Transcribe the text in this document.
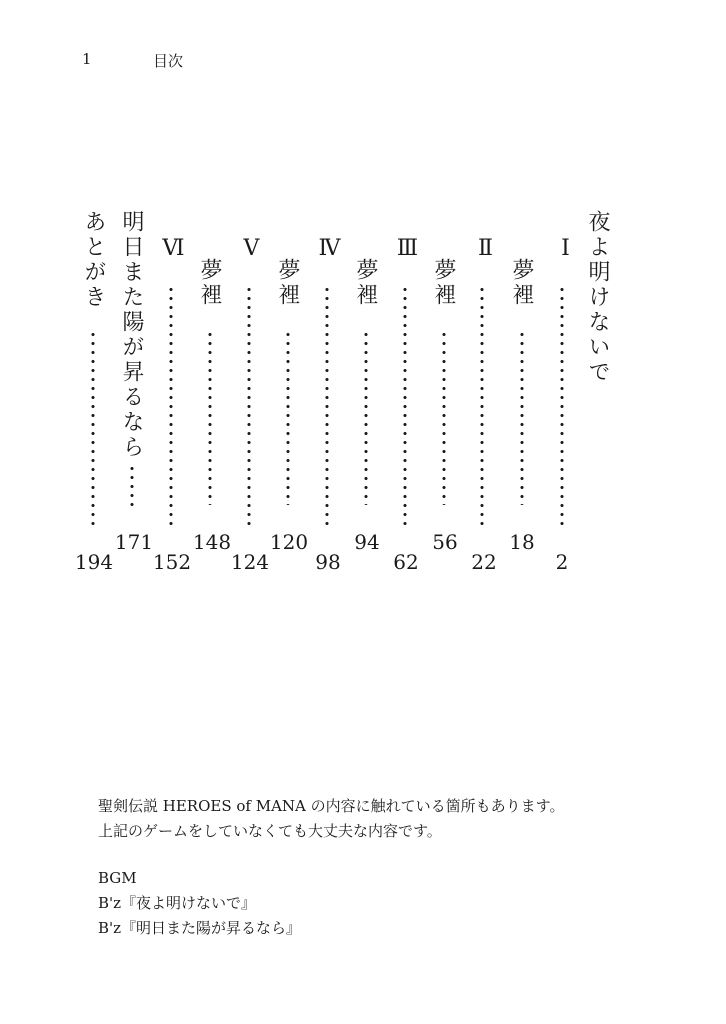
1	目次
夜よ明けないで
Ⅰ
2
夢裡
18
Ⅱ
22
夢裡
56
Ⅲ
62
夢裡
94
Ⅳ
98
夢裡
120
Ⅴ
124
夢裡
148
Ⅵ
152
明日また陽が昇るなら
171
あとがき
194
聖剣伝説 HEROES of MANA の内容に触れている箇所もあります。
上記のゲームをしていなくても大丈夫な内容です。
BGM
B'z『夜よ明けないで』
B'z『明日また陽が昇るなら』
